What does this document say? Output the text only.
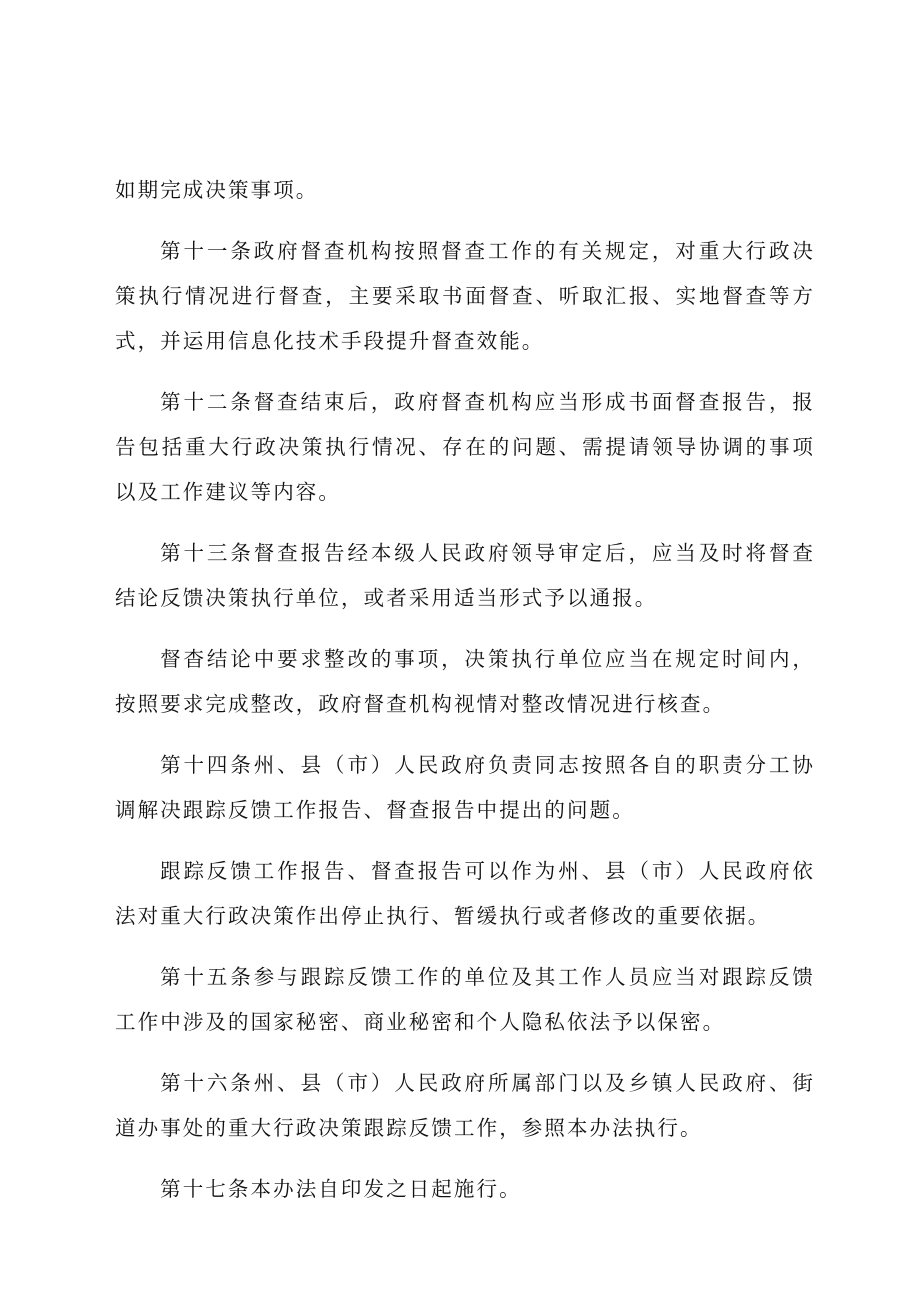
如期完成决策事项。

第十一条政府督查机构按照督查工作的有关规定，对重大行政决策执行情况进行督查，主要采取书面督查、听取汇报、实地督查等方式，并运用信息化技术手段提升督查效能。

第十二条督查结束后，政府督查机构应当形成书面督查报告，报告包括重大行政决策执行情况、存在的问题、需提请领导协调的事项以及工作建议等内容。

第十三条督查报告经本级人民政府领导审定后，应当及时将督查结论反馈决策执行单位，或者采用适当形式予以通报。

督杳结论中要求整改的事项，决策执行单位应当在规定时间内，按照要求完成整改，政府督查机构视情对整改情况进行核查。

第十四条州、县（市）人民政府负责同志按照各自的职责分工协调解决跟踪反馈工作报告、督查报告中提出的问题。

跟踪反馈工作报告、督查报告可以作为州、县（市）人民政府依法对重大行政决策作出停止执行、暂缓执行或者修改的重要依据。

第十五条参与跟踪反馈工作的单位及其工作人员应当对跟踪反馈工作中涉及的国家秘密、商业秘密和个人隐私依法予以保密。

第十六条州、县（市）人民政府所属部门以及乡镇人民政府、街道办事处的重大行政决策跟踪反馈工作，参照本办法执行。

第十七条本办法自印发之日起施行。
